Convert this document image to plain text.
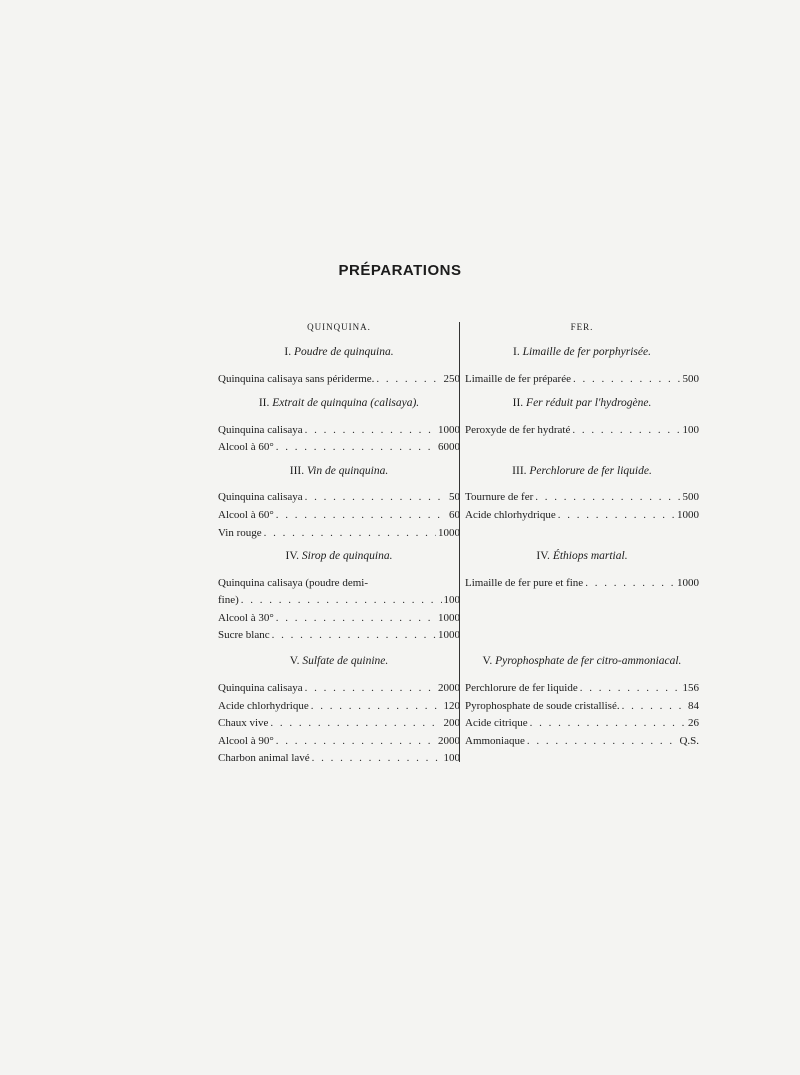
PRÉPARATIONS
QUINQUINA.
I. Poudre de quinquina.
Quinquina calisaya sans périderme. . . .	250
II. Extrait de quinquina (calisaya).
Quinquina calisaya . . .	1000
Alcool à 60° . . .	6000
III. Vin de quinquina.
Quinquina calisaya . . .	50
Alcool à 60° . . .	60
Vin rouge . . .	1000
IV. Sirop de quinquina.
Quinquina calisaya (poudre demi-
fine) . . .	100
Alcool à 30° . . .	1000
Sucre blanc . . .	1000
V. Sulfate de quinine.
Quinquina calisaya . . .	2000
Acide chlorhydrique . . .	120
Chaux vive . . .	200
Alcool à 90° . . .	2000
Charbon animal lavé . . .	100
FER.
I. Limaille de fer porphyrisée.
Limaille de fer préparée . . .	500
II. Fer réduit par l'hydrogène.
Peroxyde de fer hydraté . . .	100
III. Perchlorure de fer liquide.
Tournure de fer . . .	500
Acide chlorhydrique . . .	1000
IV. Éthiops martial.
Limaille de fer pure et fine . . .	1000
V. Pyrophosphate de fer citro-ammoniacal.
Perchlorure de fer liquide . . .	156
Pyrophosphate de soude cristallisé. . . .	84
Acide citrique . . .	26
Ammoniaque . . .	Q.S.
